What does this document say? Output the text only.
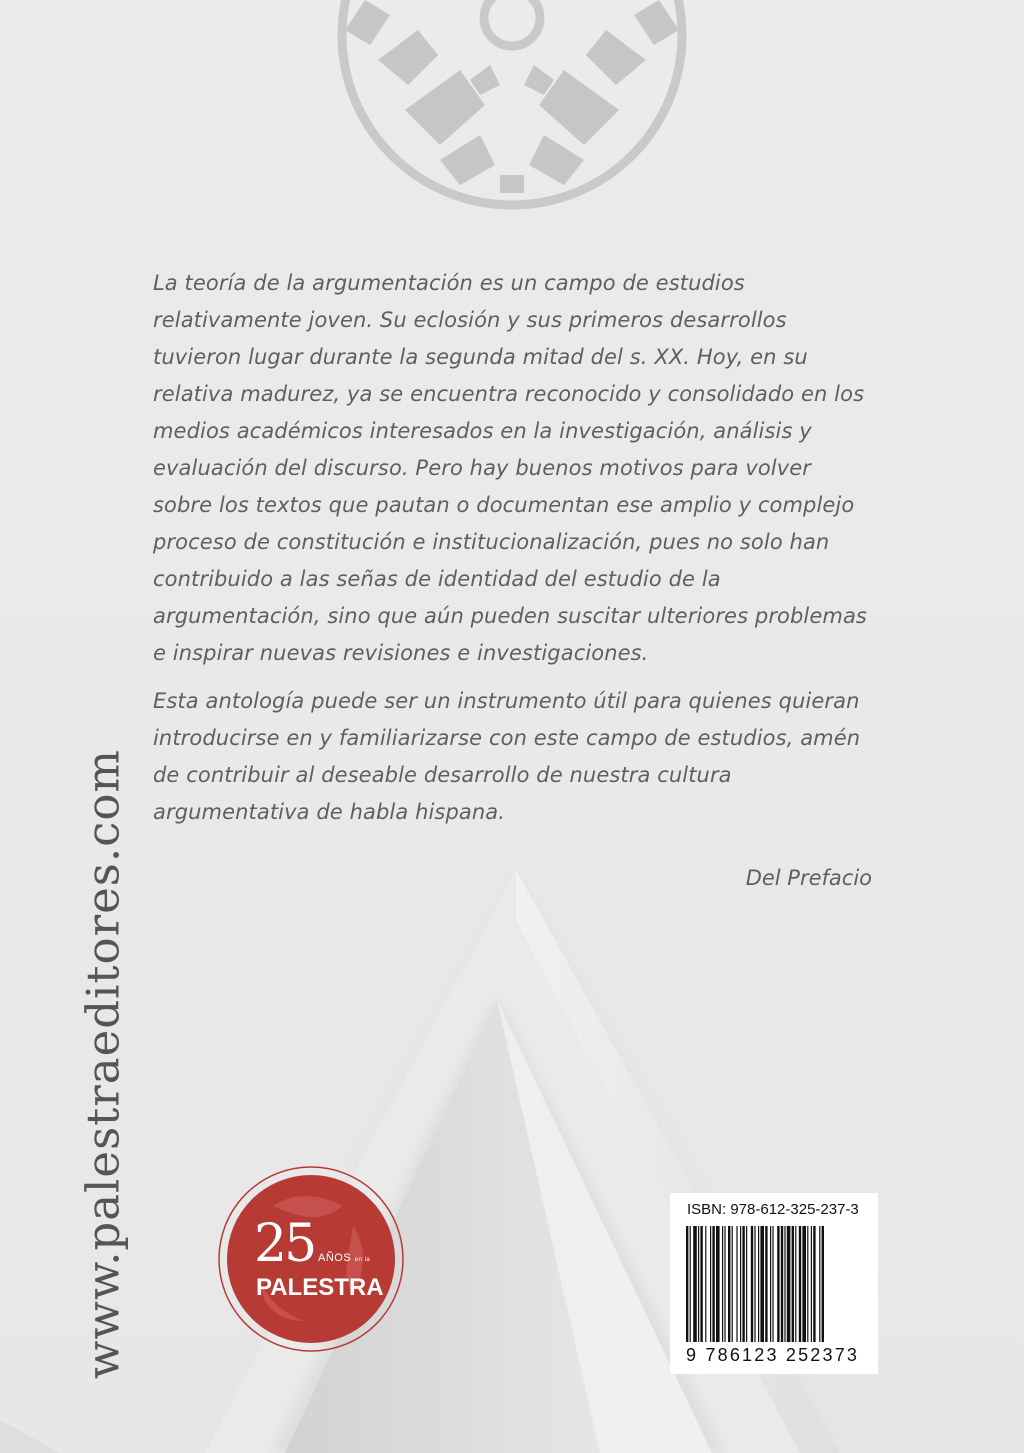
La teoría de la argumentación es un campo de estudios relativamente joven. Su eclosión y sus primeros desarrollos tuvieron lugar durante la segunda mitad del s. XX. Hoy, en su relativa madurez, ya se encuentra reconocido y consolidado en los medios académicos interesados en la investigación, análisis y evaluación del discurso. Pero hay buenos motivos para volver sobre los textos que pautan o documentan ese amplio y complejo proceso de constitución e institucionalización, pues no solo han contribuido a las señas de identidad del estudio de la argumentación, sino que aún pueden suscitar ulteriores problemas e inspirar nuevas revisiones e investigaciones.

Esta antología puede ser un instrumento útil para quienes quieran introducirse en y familiarizarse con este campo de estudios, amén de contribuir al deseable desarrollo de nuestra cultura argumentativa de habla hispana.

Del Prefacio
www.palestraeditores.com 25 AÑOS en la
PALESTRA
ISBN: 978-612-325-237-3
9 786123 252373
